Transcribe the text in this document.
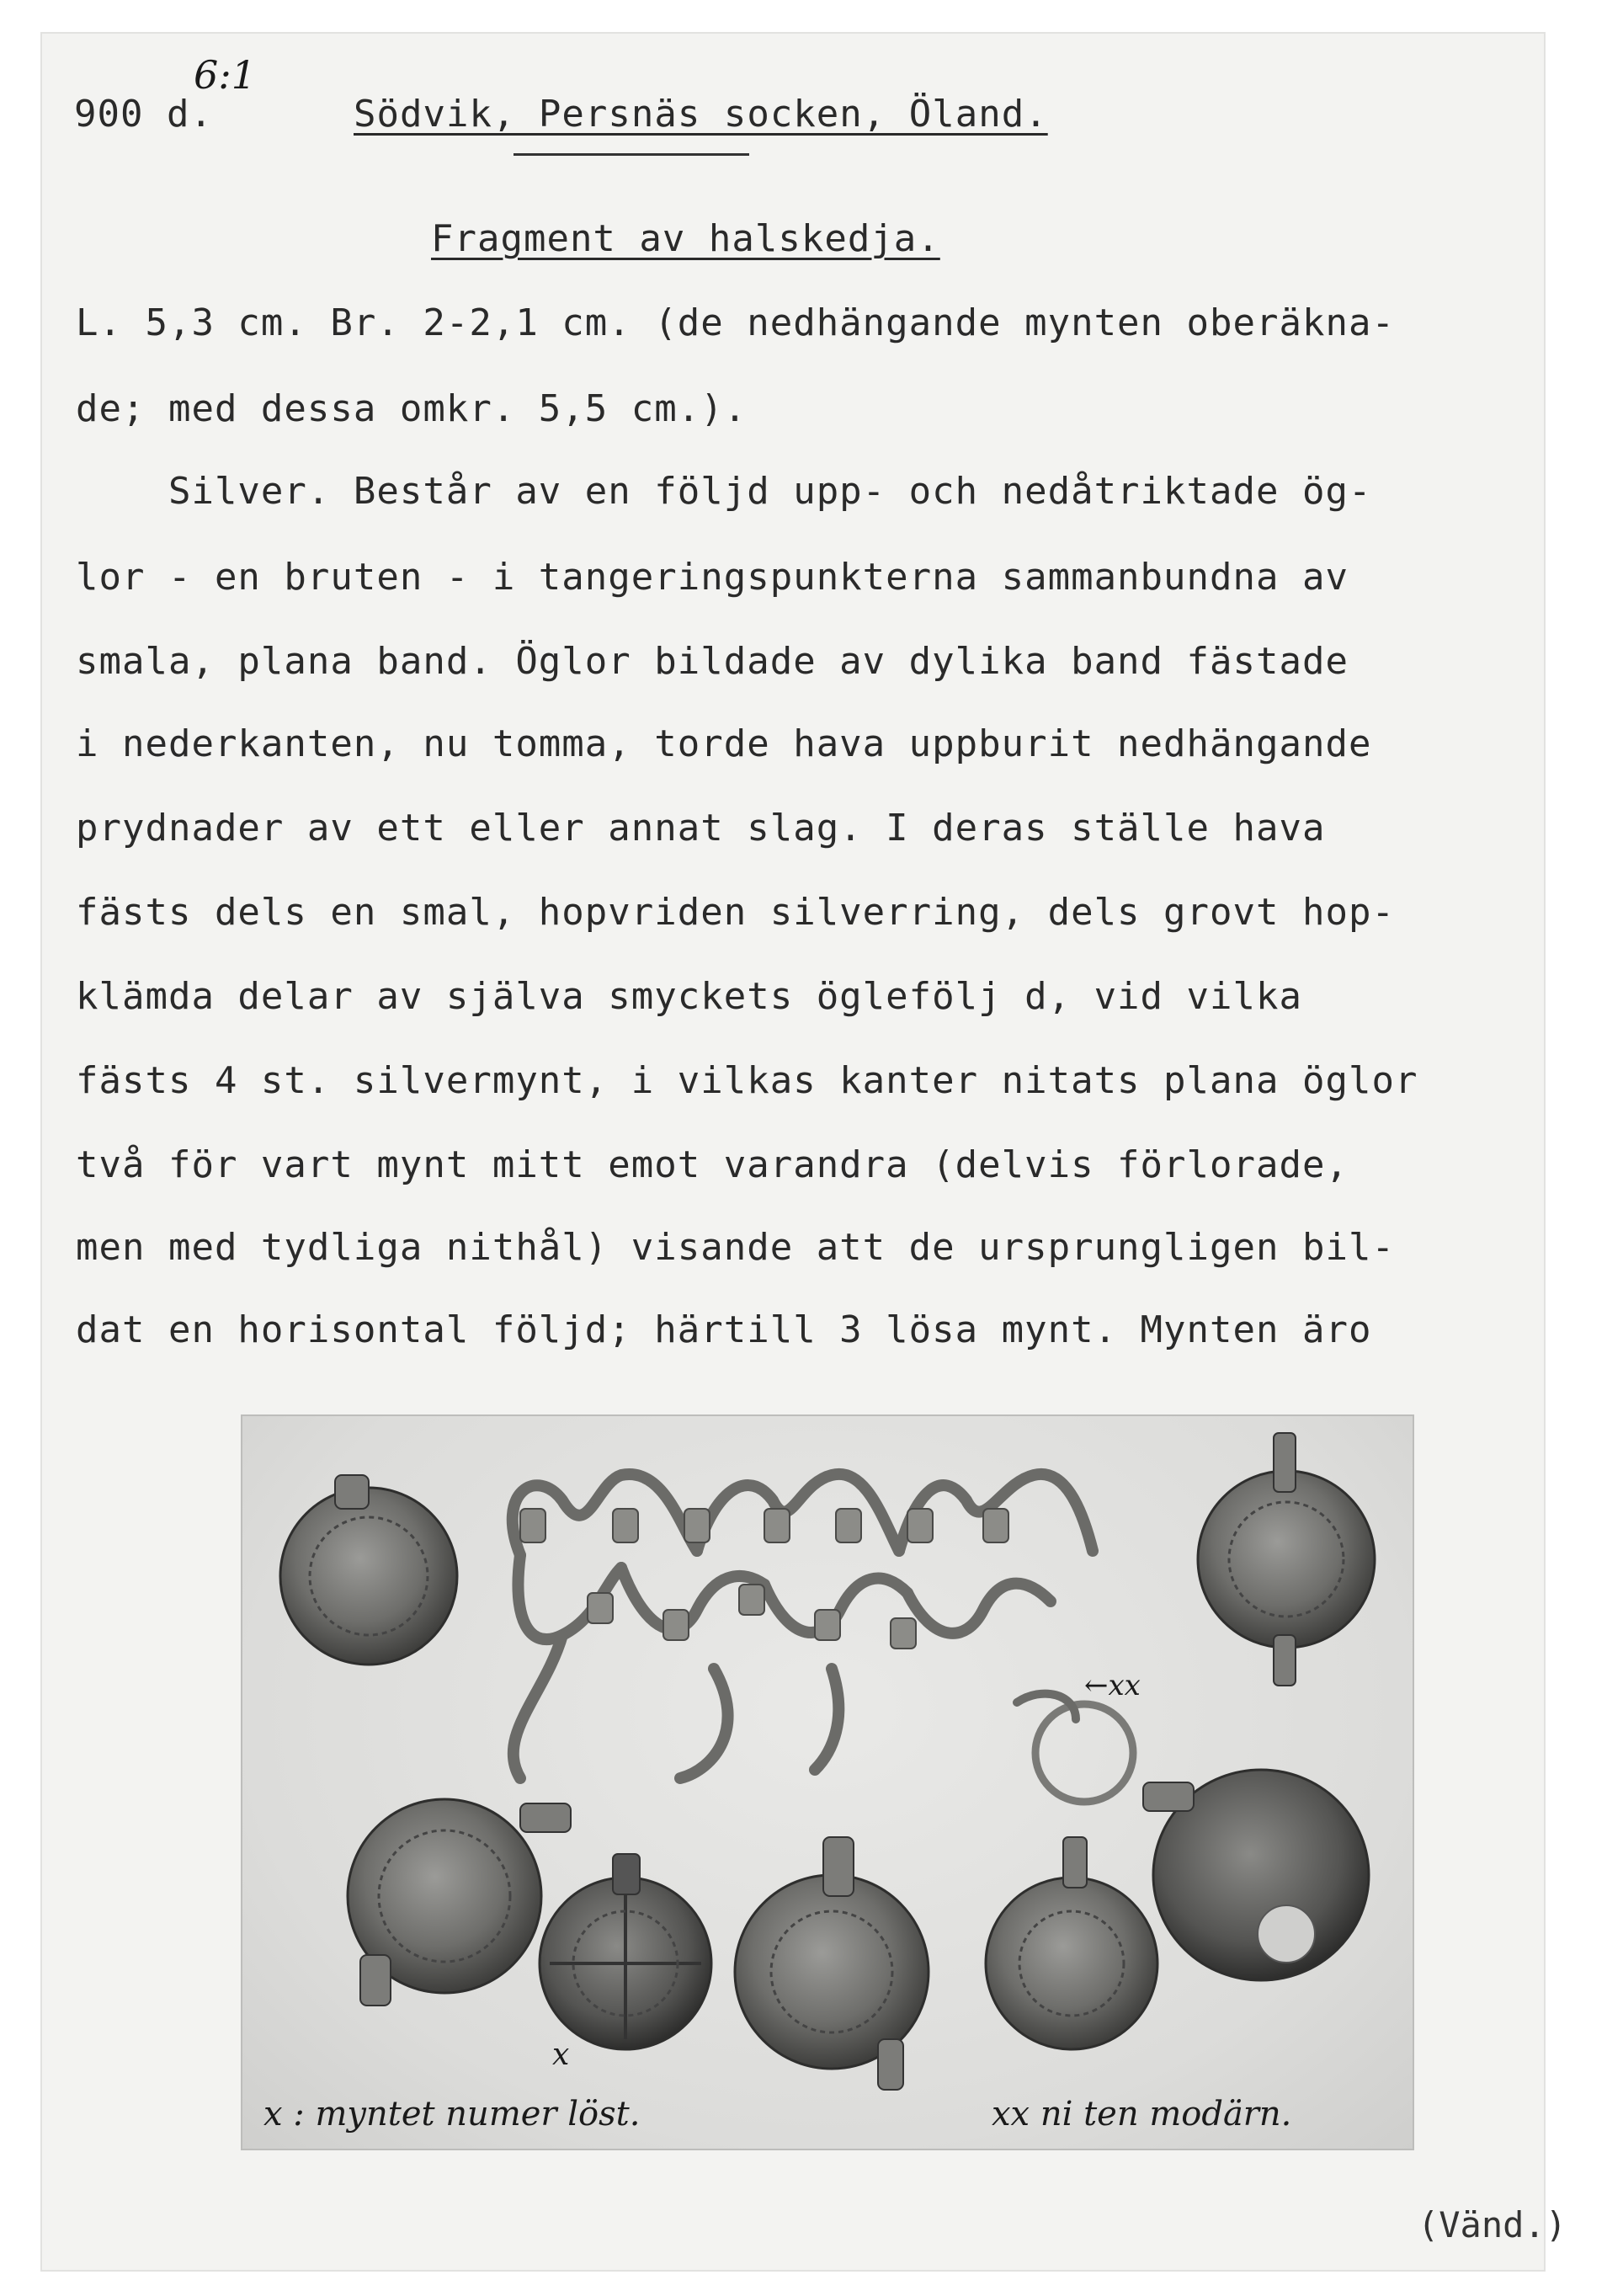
6:1
900 d.	Södvik, Persnäs socken, Öland.
Fragment av halskedja.
L. 5,3 cm. Br. 2-2,1 cm. (de nedhängande mynten oberäkna-
de; med dessa omkr. 5,5 cm.).
Silver. Består av en följd upp- och nedåtriktade ög-
lor - en bruten - i tangeringspunkterna sammanbundna av
smala, plana band. Öglor bildade av dylika band fästade
i nederkanten, nu tomma, torde hava uppburit nedhängande
prydnader av ett eller annat slag. I deras ställe hava
fästs dels en smal, hopvriden silverring, dels grovt hop-
klämda delar av själva smyckets öglefölj d, vid vilka
fästs 4 st. silvermynt, i vilkas kanter nitats plana öglor
två för vart mynt mitt emot varandra (delvis förlorade,
men med tydliga nithål) visande att de ursprungligen bil-
dat en horisontal följd; härtill 3 lösa mynt. Mynten äro
x
←xx
x : myntet numer löst.	xx ni ten modärn.
(Vänd.)
